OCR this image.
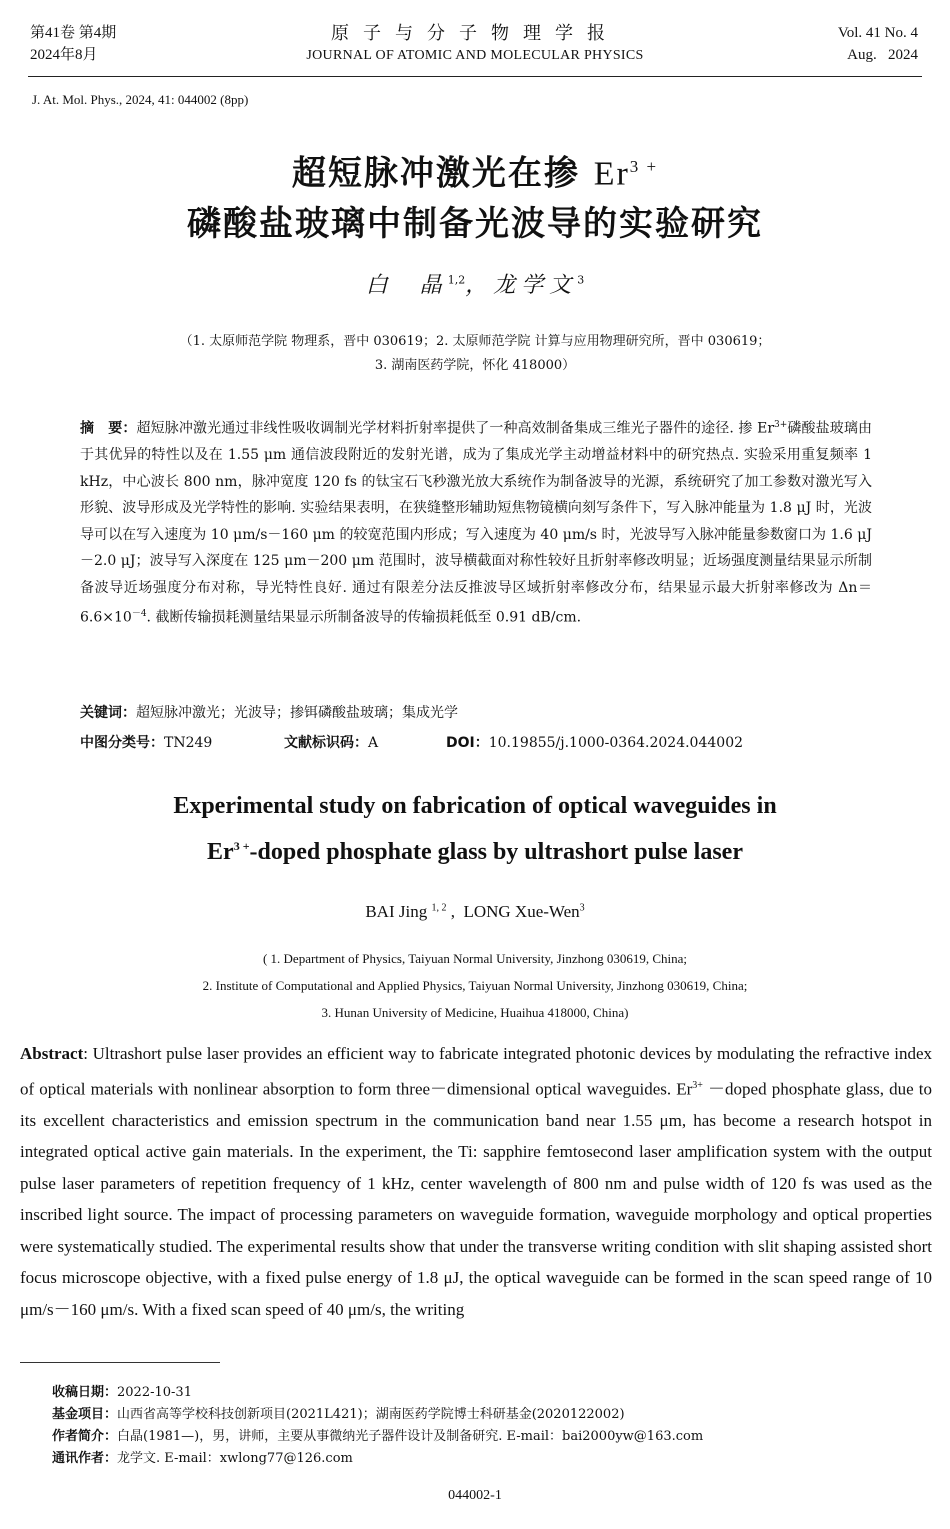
第41卷 第4期
2024年8月
原子与分子物理学报
JOURNAL OF ATOMIC AND MOLECULAR PHYSICS
Vol. 41 No. 4
Aug.   2024
J. At. Mol. Phys., 2024, 41: 044002 (8pp)
超短脉冲激光在掺 $Er^{3 +}$
磷酸盐玻璃中制备光波导的实验研究
白  晶$^{1,2}$，龙学文$^3$
（1. 太原师范学院 物理系，晋中 030619；2. 太原师范学院 计算与应用物理研究所，晋中 030619；
3. 湖南医药学院，怀化 418000）
摘　要：超短脉冲激光通过非线性吸收调制光学材料折射率提供了一种高效制备集成三维光子器件的途径. 掺 $Er^{3+}$磷酸盐玻璃由于其优异的特性以及在 1.55 μm 通信波段附近的发射光谱，成为了集成光学主动增益材料中的研究热点. 实验采用重复频率 1 kHz，中心波长 800 nm，脉冲宽度 120 fs 的钛宝石飞秒激光放大系统作为制备波导的光源，系统研究了加工参数对激光写入形貌、波导形成及光学特性的影响. 实验结果表明，在狭缝整形辅助短焦物镜横向刻写条件下，写入脉冲能量为 1.8 μJ 时，光波导可以在写入速度为 10 μm/s－160 μm 的较宽范围内形成；写入速度为 40 μm/s 时，光波导写入脉冲能量参数窗口为 1.6 μJ－2.0 μJ；波导写入深度在 125 μm－200 μm 范围时，波导横截面对称性较好且折射率修改明显；近场强度测量结果显示所制备波导近场强度分布对称，导光特性良好. 通过有限差分法反推波导区域折射率修改分布，结果显示最大折射率修改为 $\Delta n=6.6\times 10^{-4}$. 截断传输损耗测量结果显示所制备波导的传输损耗低至 0.91 dB/cm.
关键词：超短脉冲激光；光波导；掺铒磷酸盐玻璃；集成光学
中图分类号：TN249	文献标识码：A	DOI：10.19855/j.1000-0364.2024.044002
Experimental study on fabrication of optical waveguides in
$Er^{3 +}$-doped phosphate glass by ultrashort pulse laser
BAI Jing $^{1, 2}$ ,  LONG Xue-Wen$^3$
( 1. Department of Physics, Taiyuan Normal University, Jinzhong 030619, China;
2. Institute of Computational and Applied Physics, Taiyuan Normal University, Jinzhong 030619, China;
3. Hunan University of Medicine, Huaihua 418000, China)
Abstract: Ultrashort pulse laser provides an efficient way to fabricate integrated photonic devices by modulating the refractive index of optical materials with nonlinear absorption to form three－dimensional optical waveguides. $Er^{3+}$ －doped phosphate glass, due to its excellent characteristics and emission spectrum in the communication band near 1.55 μm, has become a research hotspot in integrated optical active gain materials. In the experiment, the Ti: sapphire femtosecond laser amplification system with the output pulse laser parameters of repetition frequency of 1 kHz, center wavelength of 800 nm and pulse width of 120 fs was used as the inscribed light source. The impact of processing parameters on waveguide formation, waveguide morphology and optical properties were systematically studied. The experimental results show that under the transverse writing condition with slit shaping assisted short focus microscope objective, with a fixed pulse energy of 1.8 μJ, the optical waveguide can be formed in the scan speed range of 10 μm/s－160 μm/s. With a fixed scan speed of 40 μm/s, the writing
收稿日期：2022-10-31
基金项目：山西省高等学校科技创新项目(2021L421)；湖南医药学院博士科研基金(2020122002)
作者简介：白晶(1981—)，男，讲师，主要从事微纳光子器件设计及制备研究. E-mail：bai2000yw@163.com
通讯作者：龙学文. E-mail：xwlong77@126.com
044002-1
